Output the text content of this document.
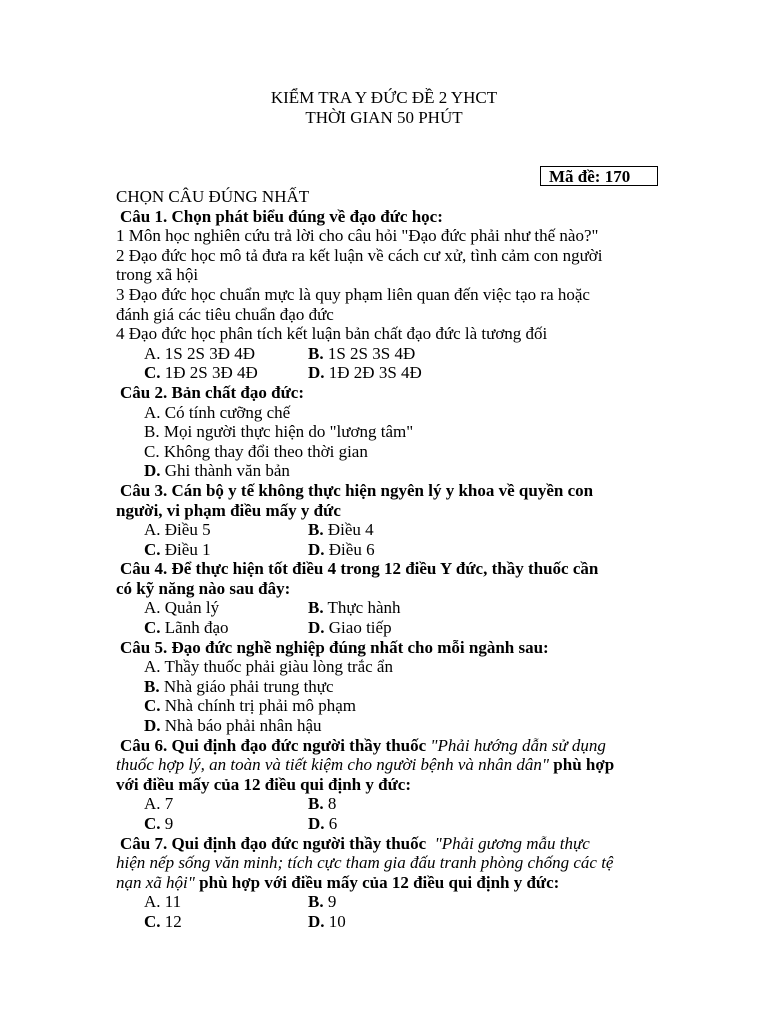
KIỂM TRA Y ĐỨC ĐỀ 2 YHCT
THỜI GIAN 50 PHÚT
Mã đề: 170
CHỌN CÂU ĐÚNG NHẤT
Câu 1. Chọn phát biểu đúng về đạo đức học:
1 Môn học nghiên cứu trả lời cho câu hỏi "Đạo đức phải như thế nào?"
2 Đạo đức học mô tả đưa ra kết luận về cách cư xử, tình cảm con người
trong xã hội
3 Đạo đức học chuẩn mực là quy phạm liên quan đến việc tạo ra hoặc
đánh giá các tiêu chuẩn đạo đức
4 Đạo đức học phân tích kết luận bản chất đạo đức là tương đối
A. 1S 2S 3Đ 4Đ	B. 1S 2S 3S 4Đ
C. 1Đ 2S 3Đ 4Đ	D. 1Đ 2Đ 3S 4Đ
Câu 2. Bản chất đạo đức:
A. Có tính cưỡng chế
B. Mọi người thực hiện do "lương tâm"
C. Không thay đổi theo thời gian
D. Ghi thành văn bản
Câu 3. Cán bộ y tế không thực hiện ngyên lý y khoa về quyền con
người, vi phạm điều mấy y đức
A. Điều 5	B. Điều 4
C. Điều 1	D. Điều 6
Câu 4. Để thực hiện tốt điều 4 trong 12 điều Y đức, thầy thuốc cần
có kỹ năng nào sau đây:
A. Quản lý	B. Thực hành
C. Lãnh đạo	D. Giao tiếp
Câu 5. Đạo đức nghề nghiệp đúng nhất cho mỗi ngành sau:
A. Thầy thuốc phải giàu lòng trắc ẩn
B. Nhà giáo phải trung thực
C. Nhà chính trị phải mô phạm
D. Nhà báo phải nhân hậu
Câu 6. Qui định đạo đức người thầy thuốc "Phải hướng dẫn sử dụng
thuốc hợp lý, an toàn và tiết kiệm cho người bệnh và nhân dân" phù hợp
với điều mấy của 12 điều qui định y đức:
A. 7	B. 8
C. 9	D. 6
Câu 7. Qui định đạo đức người thầy thuốc "Phải gương mẫu thực
hiện nếp sống văn minh; tích cực tham gia đấu tranh phòng chống các tệ
nạn xã hội" phù hợp với điều mấy của 12 điều qui định y đức:
A. 11	B. 9
C. 12	D. 10
